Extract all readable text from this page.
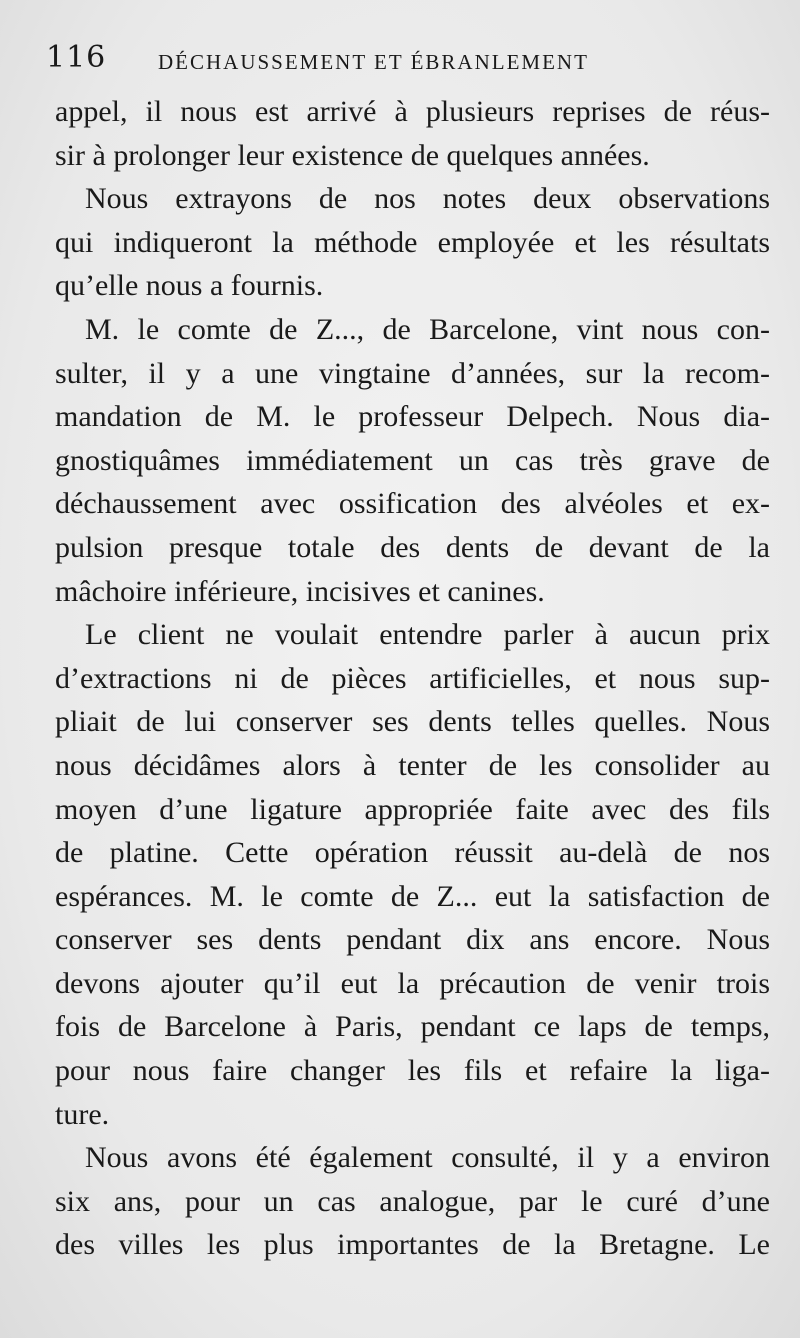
116 DÉCHAUSSEMENT ET ÉBRANLEMENT
appel, il nous est arrivé à plusieurs reprises de réus-
sir à prolonger leur existence de quelques années.
Nous extrayons de nos notes deux observations
qui indiqueront la méthode employée et les résultats
qu’elle nous a fournis.
M. le comte de Z..., de Barcelone, vint nous con-
sulter, il y a une vingtaine d’années, sur la recom-
mandation de M. le professeur Delpech. Nous dia-
gnostiquâmes immédiatement un cas très grave de
déchaussement avec ossification des alvéoles et ex-
pulsion presque totale des dents de devant de la
mâchoire inférieure, incisives et canines.
Le client ne voulait entendre parler à aucun prix
d’extractions ni de pièces artificielles, et nous sup-
pliait de lui conserver ses dents telles quelles. Nous
nous décidâmes alors à tenter de les consolider au
moyen d’une ligature appropriée faite avec des fils
de platine. Cette opération réussit au-delà de nos
espérances. M. le comte de Z... eut la satisfaction de
conserver ses dents pendant dix ans encore. Nous
devons ajouter qu’il eut la précaution de venir trois
fois de Barcelone à Paris, pendant ce laps de temps,
pour nous faire changer les fils et refaire la liga-
ture.
Nous avons été également consulté, il y a environ
six ans, pour un cas analogue, par le curé d’une
des villes les plus importantes de la Bretagne. Le
